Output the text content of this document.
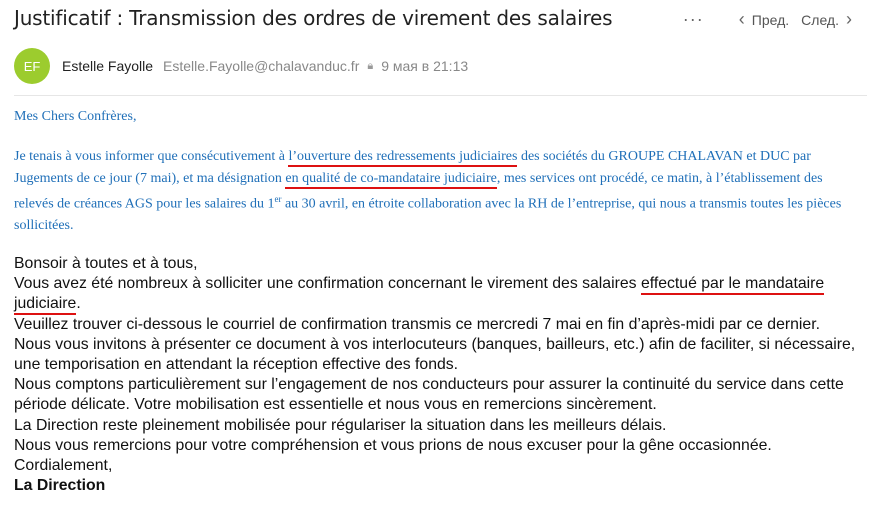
Justificatif : Transmission des ordres de virement des salaires	··· ‹ Пред. След. ›
EF	Estelle Fayolle Estelle.Fayolle@chalavanduc.fr 🔒︎ 9 мая в 21:13
Mes Chers Confrères,
Je tenais à vous informer que consécutivement à l’ouverture des redressements judiciaires des sociétés du GROUPE CHALAVAN et DUC par Jugements de ce jour (7 mai), et ma désignation en qualité de co-mandataire judiciaire, mes services ont procédé, ce matin, à l’établissement des relevés de créances AGS pour les salaires du 1er au 30 avril, en étroite collaboration avec la RH de l’entreprise, qui nous a transmis toutes les pièces sollicitées.

Bonsoir à toutes et à tous,

Vous avez été nombreux à solliciter une confirmation concernant le virement des salaires effectué par le mandataire judiciaire.

Veuillez trouver ci-dessous le courriel de confirmation transmis ce mercredi 7 mai en fin d’après-midi par ce dernier.

Nous vous invitons à présenter ce document à vos interlocuteurs (banques, bailleurs, etc.) afin de faciliter, si nécessaire, une temporisation en attendant la réception effective des fonds.

Nous comptons particulièrement sur l’engagement de nos conducteurs pour assurer la continuité du service dans cette période délicate. Votre mobilisation est essentielle et nous vous en remercions sincèrement.

La Direction reste pleinement mobilisée pour régulariser la situation dans les meilleurs délais.

Nous vous remercions pour votre compréhension et vous prions de nous excuser pour la gêne occasionnée.

Cordialement,

La Direction
